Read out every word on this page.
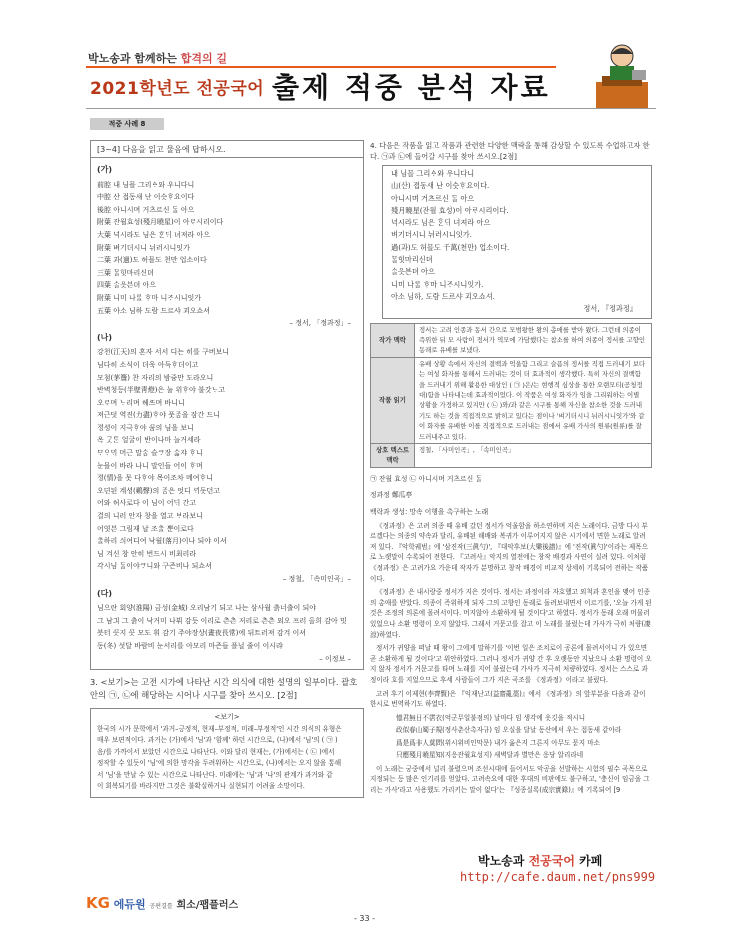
박노송과 함께하는 합격의 길
2021학년도 전공국어 출제 적중 분석 자료
적중 사례 8
[3~4] 다음을 읽고 물음에 답하시오.
(가)
前腔 내 님믈 그리ᅀᆞ와 우니다니
中腔 산 접동새 난 이슷ᄒᆞ요이다
後腔 아니시며 거츠르신 ᄃᆞᆯ 아으
附葉 잔월효성(殘月曉星)이 아ᄅᆞ시리이다
大葉 넉시라도 님은 ᄒᆞᆫᄃᆡ 녀져라 아으
附葉 벼기더시니 뉘러시니잇가
二葉 과(過)도 허믈도 천만 업소이다
三葉 ᄆᆞᆯ힛마리신뎌
四葉 ᄉᆞᆯ읏븐뎌 아으
附葉 니미 나ᄅᆞᆯ ᄒᆞ마 니ᄌᆞ시니잇가
五葉 아소 님하 도람 드르샤 괴오쇼셔
– 정서, 「정과정」–
(나)
강천(江天)의 혼자 서서 디는 히를 구버보니
님다히 소식이 더욱 아득ᄒᆞ더이고
모첨(茅簷) 찬 자리의 밤즁만 도라오니
반벽청등(半壁靑燈)은 눌 위ᄒᆞ야 불갓ᄂᆞ고
오ᄅᆞ며 ᄂᆞ리며 헤ᄯᅳ며 바니니
져근덧 역진(力盡)ᄒᆞ야 풋ᄌᆞᆷ을 잠간 드니
졍셩이 지극ᄒᆞ야 ᄭᅮᆷ의 님을 보니
옥 ᄀᆞᆺᄐᆞᆫ 얼굴이 반이나마 늘거세라
ᄆᆞᄋᆞᄆᆡ 머근 말ᄉᆞᆷ 슬ᄏᆞ장 ᄉᆞᆲ쟈 ᄒᆞ니
눈믈이 바라 나니 말인들 어이 ᄒᆞ며
졍(情)을 못 다ᄒᆞ야 목이조차 메여ᄒᆞ니
오뎐된 계셩(鷄聲)의 ᄌᆞᆷ은 엇디 ᄭᆡ돗던고
어와 허사로다 이 님이 어ᄃᆡ 간고
결의 니러 안자 창을 열고 ᄇᆞ라보니
어엿븐 그림재 날 조ᄎᆞᆯ 뿐이로다
ᄎᆞᆯ하리 싀여디여 낙월(落月)이나 되야 이셔
님 겨신 창 안히 번드시 비최리라
각시님 ᄃᆞᆯ이야ᄏᆞ니와 구즌비나 되쇼셔
– 정철, 「속미인곡」–
(다)
님으란 회양(淮陽) 금성(金城) 오리남기 되고 나는 삼사월 츩너출이 되야
그 남긔 그 츩이 낙거미 나뷔 감듯 이리로 츤츤 저리로 츤츤 외오 프러 올희 감아 밋
븟터 ᄭᅳᆺ지 ᄭᅳᆺ 모도 휘 감기 주야장상(晝夜長常)에 뒤트러져 감겨 이셔
동(冬) 섯달 바람비 눈서리를 아모리 마즌들 플닐 줄이 이시랴
– 이정보 –
3. <보기>는 고전 시가에 나타난 시간 의식에 대한 설명의 일부이다. 괄호 안의 ㉠, ㉡에 해당하는 시어나 시구를 찾아 쓰시오. [2점]
<보기>
한국의 시가 문학에서 '과거–긍정적, 현재–부정적, 미래–부정적'인 시간 의식의 유형은
매우 보편적이다. 과거는 (가)에서 '님'과 '함께' 하던 시간으로, (나)에서 '님'의 ( ㉠ )
음/를 가까이서 보았던 시간으로 나타난다. 이와 달리 현재는, (가)에서는 ( ㉡ )에서
정작할 수 있듯이 '님'에 의한 망각을 두려워하는 시간으로, (나)에서는 오지 않을 통해
서 '님'을 만날 수 있는 시간으로 나타난다. 미래에는 '님'과 '나'의 관계가 과거와 같
이 회복되기를 바라지만 그것은 불확실하거나 실현되기 어려울 소망이다.
4. 다음은 작품을 읽고 작품과 관련한 다양한 맥락을 통해 감상할 수 있도록 수업하고자 한다. ㉠과 ㉡에 들어갈 시구를 찾아 쓰시오.[2점]
내 님믈 그리ᅀᆞ와 우니다니
山(산) 졉동새 난 이슷ᄒᆞ요이다.
아니시며 거츠르신 ᄃᆞᆯ 아으
殘月曉星(잔월 효성)이 아ᄅᆞ시리이다.
넉시라도 님은 ᄒᆞᆫᄃᆡ 녀져라 아으
벼기더시니 뉘러시니잇가.
過(과)도 허믈도 千萬(천만) 업소이다.
ᄆᆞᆯ힛마리신뎌
ᄉᆞᆯ읏븐뎌 아으
니미 나ᄅᆞᆯ ᄒᆞ마 니ᄌᆞ시니잇가.
아소 님하, 도람 드르샤 괴오쇼셔.
정서, 『정과정』
작가 맥락	정서는 고려 인종과 동서 간으로 모범왕한 왕의 총애를 받아 왔다. 그런데 의종이 즉위한 뒤 모 사람이 정서가 역모에 가담했다는 참소를 하여 의종이 정서를 고향인 동래로 유배를 보냈다.
작품 읽기	유배 상황 속에서 자신의 결백과 억울함 그리고 슬픔의 정서를 직접 드러내기 보다는 여성 화자를 통해서 드러내는 것이 더 효과적이 생각했다. 특히 자신의 결백함을 드러내기 위해 활용한 대상인 ( ㉠ )은/는 현행적 심상을 통한 오랜모티(공청정대)함을 나타내는데 효과적이었다. 이 작품은 여성 화자가 임을 그리워하는 이별 상황을 가정하고 있지만 ( ㉡ )와/과 같은 시구를 통해 자신을 참소한 것을 드러내기도 하는 것을 직접적으로 밝히고 있다는 점이나 '벼기더시니 뉘러시니잇가'와 같이 화자를 유배한 이를 직접적으로 드러내는 점에서 유배 가사의 원류(원류)를 잘 드러내주고 있다.
상호 텍스트 맥락	정철, 「사미인곡」, 「속미인곡」
㉠ 잔월 효성 ㉡ 아니시며 거츠르신 ᄃᆞᆯ
정과정 鄭瓜亭
백락과 생성: 망속 이행을 촉구하는 노래
《정과정》은 고려 의종 때 유배 갔던 정서가 억울함을 하소연하며 지은 노래이다. 금방 다시 부르겠다는 의종의 약속과 달리, 유배된 해배와 복귀가 이루어지지 않은 시기에서 면한 노래로 알려져 있다. 『악학궤범』에 '삼진작(三眞勺)', 『대악후보(大樂後譜)』에 '진작(眞勺)'이라는 제목으로 노랫말이 수록되어 전한다. 『고려사』악지의 열전에는 창작 배경과 사연이 실려 있다. 이처럼 《정과정》은 고려가요 가운데 작자가 분명하고 창작 배경이 비교적 상세히 기록되어 전하는 작품이다.
《정과정》은 내시랑중 정서가 지은 것이다. 정서는 과정이라 자호했고 외척과 혼인을 맺어 인종의 총애를 받았다. 의종이 즉위하게 되자 그의 고향인 동래로 돌려보내면서 이르기를, '오늘 가게 된 것은 조정의 의론에 몰려서이다. 머지않아 소환하게 될 것이다'고 하였다. 정서가 동래 오래 머물러 있었으나 소환 명령이 오지 않았다. 그래서 거문고를 잡고 이 노래를 불렀는데 가사가 극히 처량(凄涼)하였다.
정서가 귀양을 떠날 때 왕이 그에게 말하기를 '이번 일은 조치로이 공론에 몰려서이니 가 있으면 곧 소환하게 될 것이다'고 위안하였다. 그러나 정서가 귀양 간 후 오랫동안 지났으나 소환 명령이 오지 않자 정서가 거문고를 타며 노래를 지어 불렀는데 가사가 지극히 처량하였다. 정서는 스스로 과정이라 호를 지었으므로 후세 사람들이 그가 지은 곡조를 《정과정》이라고 불렀다.
고려 후기 이제현(李齊賢)은 『익재난고(益齋亂藁)』에서 《정과정》의 앞부분을 다음과 같이 한시로 번역하기도 하였다.
憶君無日不霑衣(억군무일불점의) 날마다 임 생각에 옷깃을 적시니
政似春山蜀子規(정사춘산촉자규) 임 오실을 달날 동산에서 우는 접동새 같아라
爲是爲非人莫問(위시위비인막문) 내가 옳은지 그른지 아무도 묻지 마소
只應殘月曉星知(지응잔월효성지) 새벽달과 별만은 응당 알리라네
이 노래는 궁중에서 널리 불렸으며 조선시대에 들어서도 악공을 선발하는 시험의 필수 곡목으로 지정되는 등 많은 인기리를 얻았다. 고려속요에 대한 후대의 비판에도 불구하고, '충신이 임금을 그리는 가사'라고 사용했도 가리키는 말이 없다'는 『성종실록(成宗實錄)』에 기록되어 [9
박노송과 전공국어 카페
http://cafe.daum.net/pns999
KG 에듀원 공편결를 희소/팹플러스
- 33 -
